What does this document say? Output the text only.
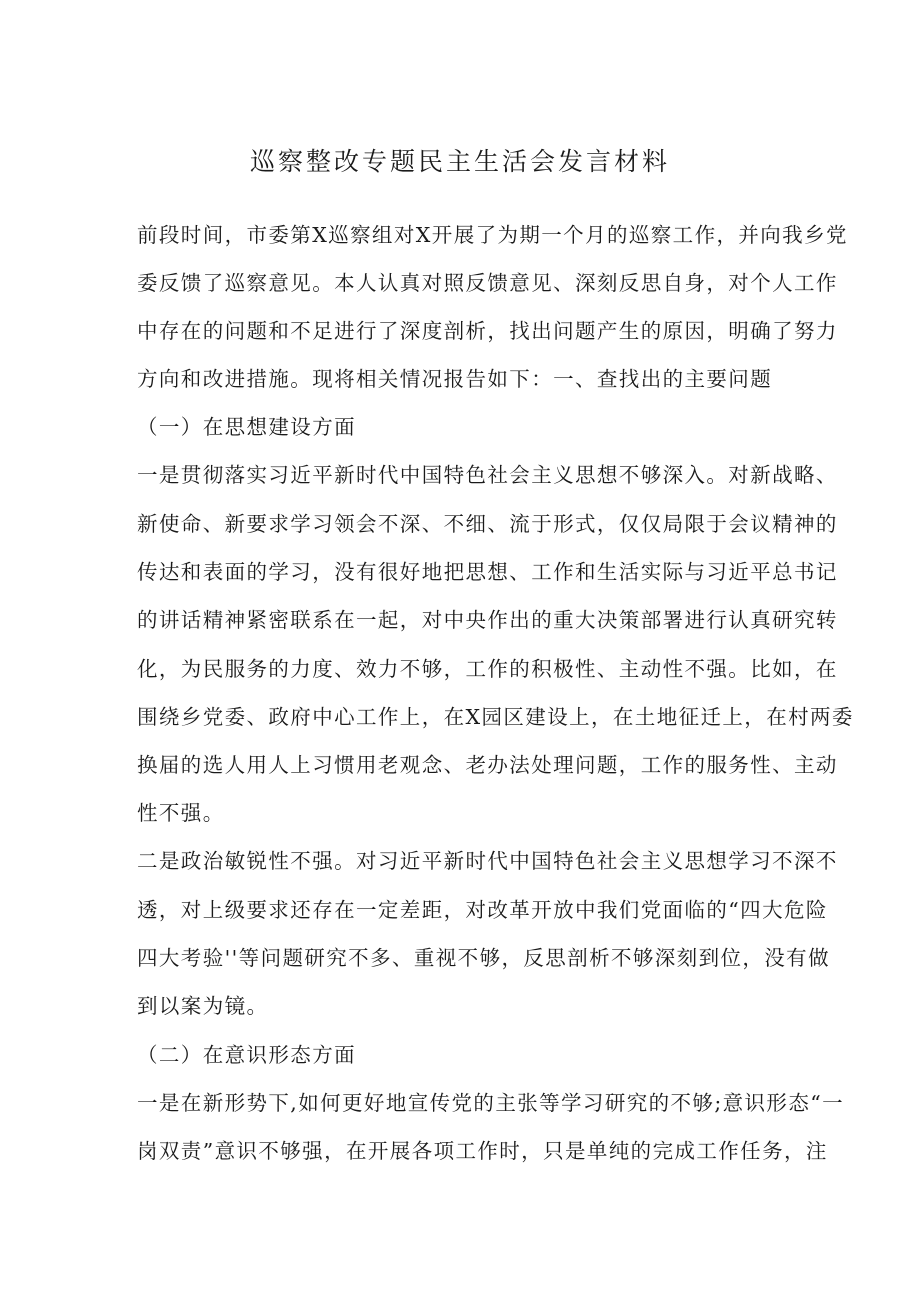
巡察整改专题民主生活会发言材料
前段时间，市委第X巡察组对X开展了为期一个月的巡察工作，并向我乡党
委反馈了巡察意见。本人认真对照反馈意见、深刻反思自身，对个人工作
中存在的问题和不足进行了深度剖析，找出问题产生的原因，明确了努力
方向和改进措施。现将相关情况报告如下：一、查找出的主要问题
（一）在思想建设方面
一是贯彻落实习近平新时代中国特色社会主义思想不够深入。对新战略、
新使命、新要求学习领会不深、不细、流于形式，仅仅局限于会议精神的
传达和表面的学习，没有很好地把思想、工作和生活实际与习近平总书记
的讲话精神紧密联系在一起，对中央作出的重大决策部署进行认真研究转
化，为民服务的力度、效力不够，工作的积极性、主动性不强。比如，在
围绕乡党委、政府中心工作上，在X园区建设上，在土地征迁上，在村两委
换届的选人用人上习惯用老观念、老办法处理问题，工作的服务性、主动
性不强。
二是政治敏锐性不强。对习近平新时代中国特色社会主义思想学习不深不
透，对上级要求还存在一定差距，对改革开放中我们党面临的“四大危险
四大考验''等问题研究不多、重视不够，反思剖析不够深刻到位，没有做
到以案为镜。
（二）在意识形态方面
一是在新形势下,如何更好地宣传党的主张等学习研究的不够;意识形态“一
岗双责”意识不够强，在开展各项工作时，只是单纯的完成工作任务，注
